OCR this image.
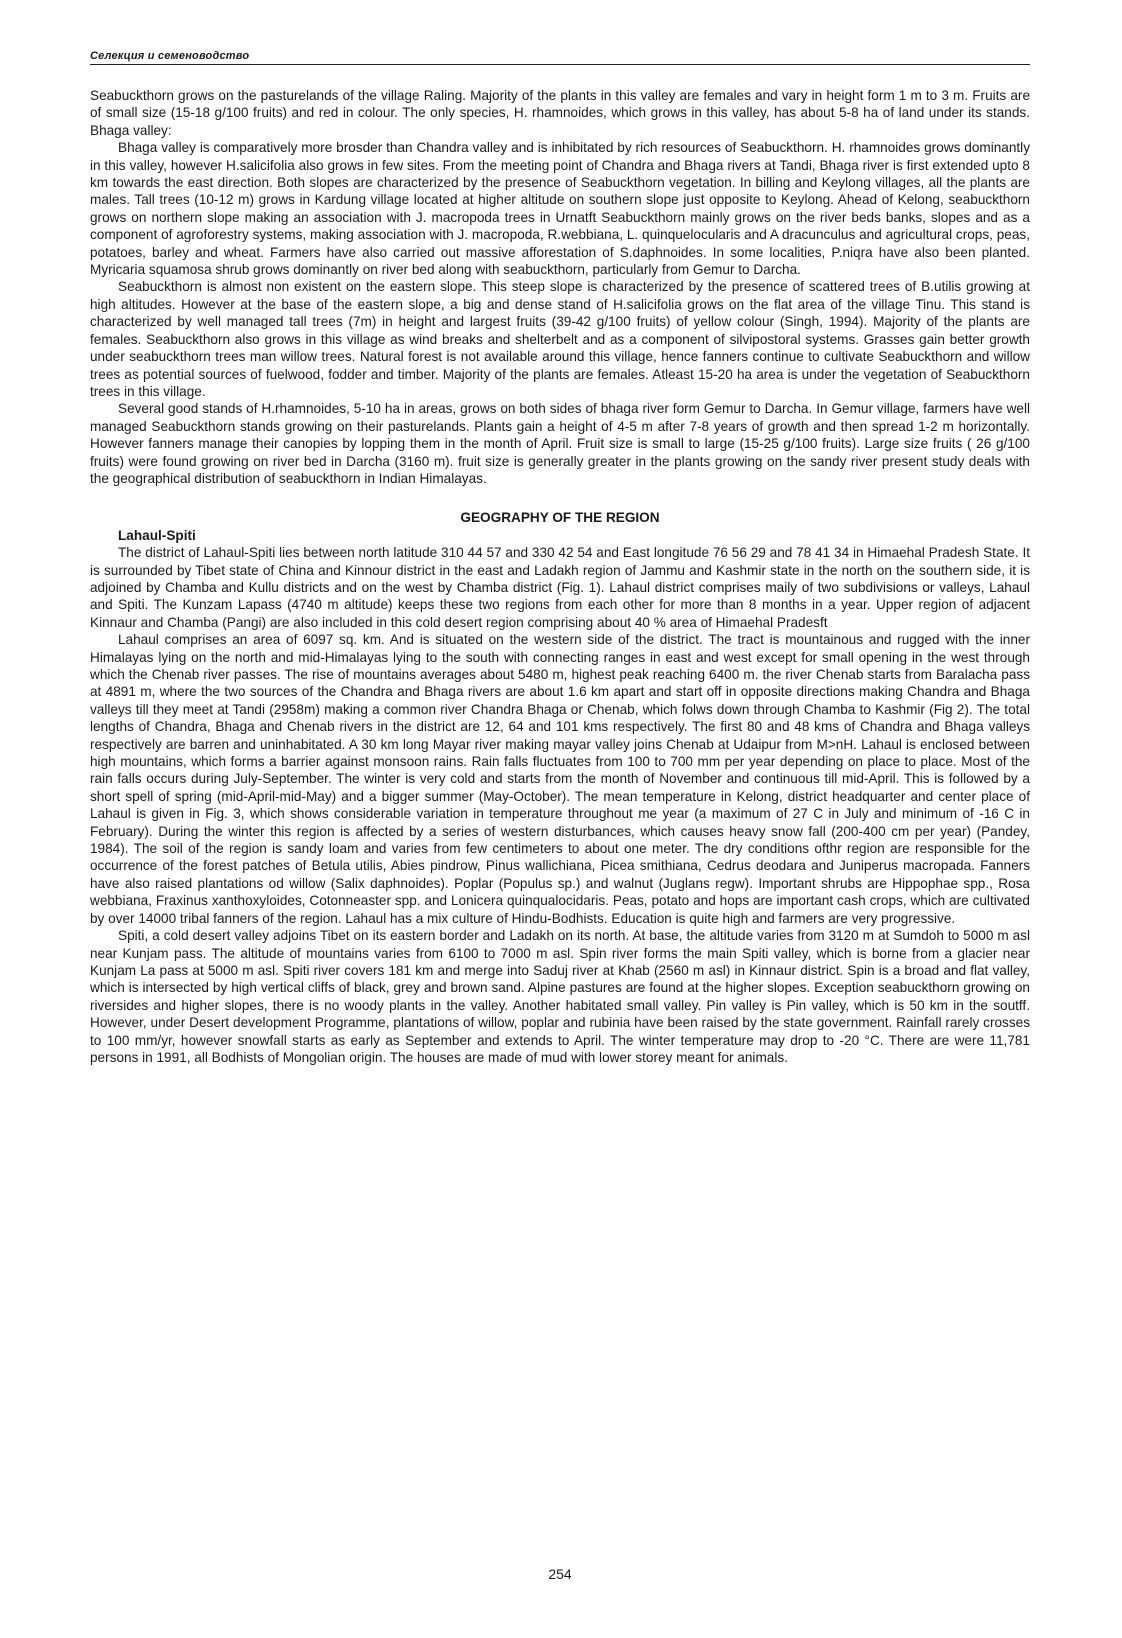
Селекция и семеноводство

Seabuckthorn grows on the pasturelands of the village Raling. Majority of the plants in this valley are females and vary in height form 1 m to 3 m. Fruits are of small size (15-18 g/100 fruits) and red in colour. The only species, H. rhamnoides, which grows in this valley, has about 5-8 ha of land under its stands. Bhaga valley:

Bhaga valley is comparatively more brosder than Chandra valley and is inhibitated by rich resources of Seabuckthorn. H. rhamnoides grows dominantly in this valley, however H.salicifolia also grows in few sites. From the meeting point of Chandra and Bhaga rivers at Tandi, Bhaga river is first extended upto 8 km towards the east direction. Both slopes are characterized by the presence of Seabuckthorn vegetation. In billing and Keylong villages, all the plants are males. Tall trees (10-12 m) grows in Kardung village located at higher altitude on southern slope just opposite to Keylong. Ahead of Kelong, seabuckthorn grows on northern slope making an association with J. macropoda trees in Urnatft Seabuckthorn mainly grows on the river beds banks, slopes and as a component of agroforestry systems, making association with J. macropoda, R.webbiana, L. quinquelocularis and A dracunculus and agricultural crops, peas, potatoes, barley and wheat. Farmers have also carried out massive afforestation of S.daphnoides. In some localities, P.niqra have also been planted. Myricaria squamosa shrub grows dominantly on river bed along with seabuckthorn, particularly from Gemur to Darcha.

Seabuckthorn is almost non existent on the eastern slope. This steep slope is characterized by the presence of scattered trees of B.utilis growing at high altitudes. However at the base of the eastern slope, a big and dense stand of H.salicifolia grows on the flat area of the village Tinu. This stand is characterized by well managed tall trees (7m) in height and largest fruits (39-42 g/100 fruits) of yellow colour (Singh, 1994). Majority of the plants are females. Seabuckthorn also grows in this village as wind breaks and shelterbelt and as a component of silvipostoral systems. Grasses gain better growth under seabuckthorn trees man willow trees. Natural forest is not available around this village, hence fanners continue to cultivate Seabuckthorn and willow trees as potential sources of fuelwood, fodder and timber. Majority of the plants are females. Atleast 15-20 ha area is under the vegetation of Seabuckthorn trees in this village.

Several good stands of H.rhamnoides, 5-10 ha in areas, grows on both sides of bhaga river form Gemur to Darcha. In Gemur village, farmers have well managed Seabuckthorn stands growing on their pasturelands. Plants gain a height of 4-5 m after 7-8 years of growth and then spread 1-2 m horizontally. However fanners manage their canopies by lopping them in the month of April. Fruit size is small to large (15-25 g/100 fruits). Large size fruits ( 26 g/100 fruits) were found growing on river bed in Darcha (3160 m). fruit size is generally greater in the plants growing on the sandy river present study deals with the geographical distribution of seabuckthorn in Indian Himalayas.

GEOGRAPHY OF THE REGION
Lahaul-Spiti

The district of Lahaul-Spiti lies between north latitude 310 44 57 and 330 42 54 and East longitude 76 56 29 and 78 41 34 in Himaehal Pradesh State. It is surrounded by Tibet state of China and Kinnour district in the east and Ladakh region of Jammu and Kashmir state in the north on the southern side, it is adjoined by Chamba and Kullu districts and on the west by Chamba district (Fig. 1). Lahaul district comprises maily of two subdivisions or valleys, Lahaul and Spiti. The Kunzam Lapass (4740 m altitude) keeps these two regions from each other for more than 8 months in a year. Upper region of adjacent Kinnaur and Chamba (Pangi) are also included in this cold desert region comprising about 40 % area of Himaehal Pradesft

Lahaul comprises an area of 6097 sq. km. And is situated on the western side of the district. The tract is mountainous and rugged with the inner Himalayas lying on the north and mid-Himalayas lying to the south with connecting ranges in east and west except for small opening in the west through which the Chenab river passes. The rise of mountains averages about 5480 m, highest peak reaching 6400 m. the river Chenab starts from Baralacha pass at 4891 m, where the two sources of the Chandra and Bhaga rivers are about 1.6 km apart and start off in opposite directions making Chandra and Bhaga valleys till they meet at Tandi (2958m) making a common river Chandra Bhaga or Chenab, which folws down through Chamba to Kashmir (Fig 2). The total lengths of Chandra, Bhaga and Chenab rivers in the district are 12, 64 and 101 kms respectively. The first 80 and 48 kms of Chandra and Bhaga valleys respectively are barren and uninhabitated. A 30 km long Mayar river making mayar valley joins Chenab at Udaipur from M>nH. Lahaul is enclosed between high mountains, which forms a barrier against monsoon rains. Rain falls fluctuates from 100 to 700 mm per year depending on place to place. Most of the rain falls occurs during July-September. The winter is very cold and starts from the month of November and continuous till mid-April. This is followed by a short spell of spring (mid-April-mid-May) and a bigger summer (May-October). The mean temperature in Kelong, district headquarter and center place of Lahaul is given in Fig. 3, which shows considerable variation in temperature throughout me year (a maximum of 27 C in July and minimum of -16 C in February). During the winter this region is affected by a series of western disturbances, which causes heavy snow fall (200-400 cm per year) (Pandey, 1984). The soil of the region is sandy loam and varies from few centimeters to about one meter. The dry conditions ofthr region are responsible for the occurrence of the forest patches of Betula utilis, Abies pindrow, Pinus wallichiana, Picea smithiana, Cedrus deodara and Juniperus macropada. Fanners have also raised plantations od willow (Salix daphnoides). Poplar (Populus sp.) and walnut (Juglans regw). Important shrubs are Hippophae spp., Rosa webbiana, Fraxinus xanthoxyloides, Cotonneaster spp. and Lonicera quinqualocidaris. Peas, potato and hops are important cash crops, which are cultivated by over 14000 tribal fanners of the region. Lahaul has a mix culture of Hindu-Bodhists. Education is quite high and farmers are very progressive.

Spiti, a cold desert valley adjoins Tibet on its eastern border and Ladakh on its north. At base, the altitude varies from 3120 m at Sumdoh to 5000 m asl near Kunjam pass. The altitude of mountains varies from 6100 to 7000 m asl. Spin river forms the main Spiti valley, which is borne from a glacier near Kunjam La pass at 5000 m asl. Spiti river covers 181 km and merge into Saduj river at Khab (2560 m asl) in Kinnaur district. Spin is a broad and flat valley, which is intersected by high vertical cliffs of black, grey and brown sand. Alpine pastures are found at the higher slopes. Exception seabuckthorn growing on riversides and higher slopes, there is no woody plants in the valley. Another habitated small valley. Pin valley is Pin valley, which is 50 km in the soutff. However, under Desert development Programme, plantations of willow, poplar and rubinia have been raised by the state government. Rainfall rarely crosses to 100 mm/yr, however snowfall starts as early as September and extends to April. The winter temperature may drop to -20 °C. There are were 11,781 persons in 1991, all Bodhists of Mongolian origin. The houses are made of mud with lower storey meant for animals.

254
